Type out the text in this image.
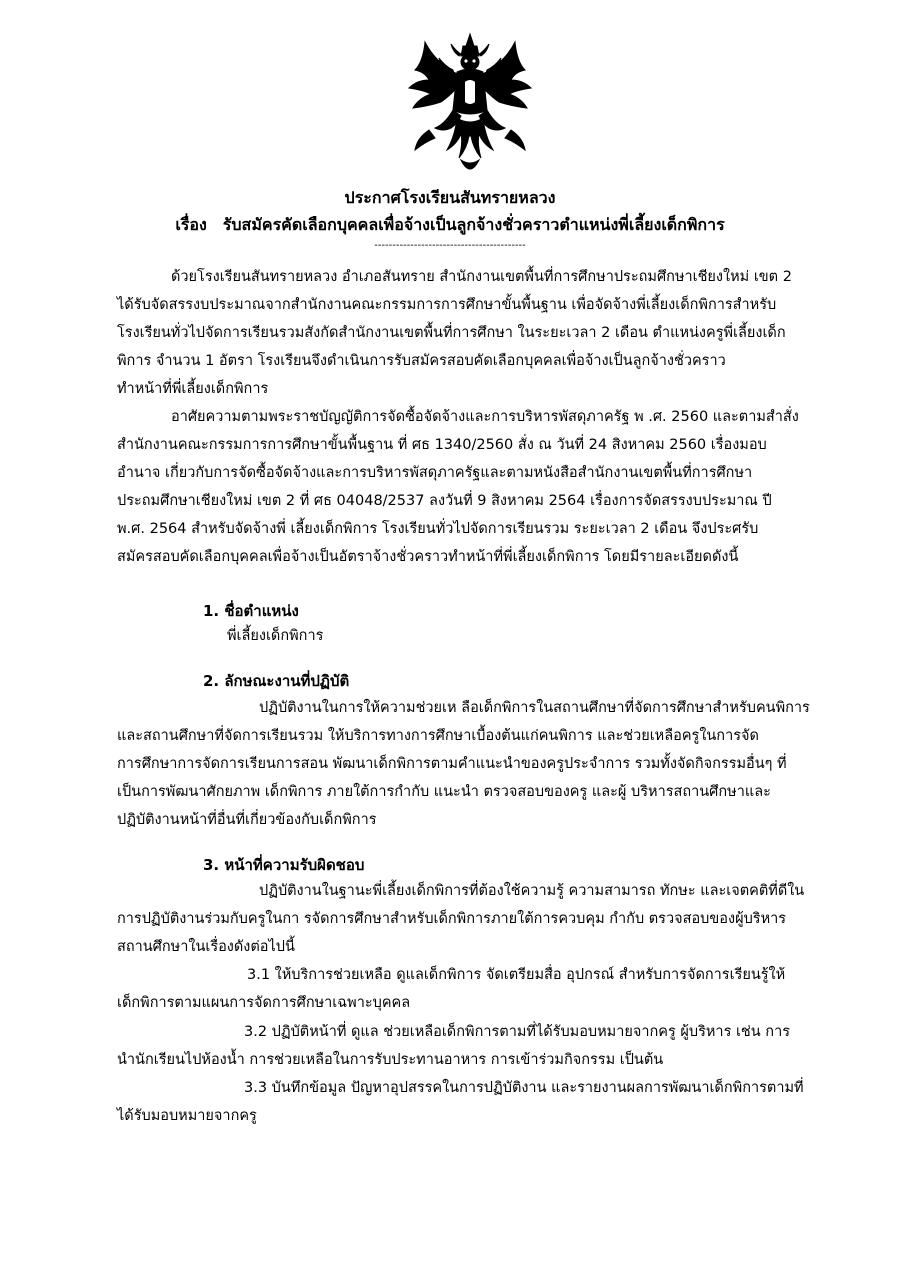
ประกาศโรงเรียนสันทรายหลวง
เรื่อง รับสมัครคัดเลือกบุคคลเพื่อจ้างเป็นลูกจ้างชั่วคราวตำแหน่งพี่เลี้ยงเด็กพิการ
------------------------------------------
ด้วยโรงเรียนสันทรายหลวง อำเภอสันทราย สำนักงานเขตพื้นที่การศึกษาประถมศึกษาเชียงใหม่ เขต 2
ได้รับจัดสรรงบประมาณจากสำนักงานคณะกรรมการการศึกษาขั้นพื้นฐาน เพื่อจัดจ้างพี่เลี้ยงเด็กพิการสำหรับ
โรงเรียนทั่วไปจัดการเรียนรวมสังกัดสำนักงานเขตพื้นที่การศึกษา ในระยะเวลา 2 เดือน ตำแหน่งครูพี่เลี้ยงเด็ก
พิการ จำนวน 1 อัตรา โรงเรียนจึงดำเนินการรับสมัครสอบคัดเลือกบุคคลเพื่อจ้างเป็นลูกจ้างชั่วคราว
ทำหน้าที่พี่เลี้ยงเด็กพิการ
อาศัยความตามพระราชบัญญัติการจัดซื้อจัดจ้างและการบริหารพัสดุภาครัฐ พ .ศ. 2560 และตามสำสั่ง
สำนักงานคณะกรรมการการศึกษาขั้นพื้นฐาน ที่ ศธ 1340/2560 สั่ง ณ วันที่ 24 สิงหาคม 2560 เรื่องมอบ
อำนาจ เกี่ยวกับการจัดซื้อจัดจ้างและการบริหารพัสดุภาครัฐและตามหนังสือสำนักงานเขตพื้นที่การศึกษา
ประถมศึกษาเชียงใหม่ เขต 2 ที่ ศธ 04048/2537 ลงวันที่ 9 สิงหาคม 2564 เรื่องการจัดสรรงบประมาณ ปี
พ.ศ. 2564 สำหรับจัดจ้างพี่ เลี้ยงเด็กพิการ โรงเรียนทั่วไปจัดการเรียนรวม ระยะเวลา 2 เดือน จึงประศรับ
สมัครสอบคัดเลือกบุคคลเพื่อจ้างเป็นอัตราจ้างชั่วคราวทำหน้าที่พี่เลี้ยงเด็กพิการ โดยมีรายละเอียดดังนี้
1. ชื่อตำแหน่ง
พี่เลี้ยงเด็กพิการ
2. ลักษณะงานที่ปฏิบัติ
ปฏิบัติงานในการให้ความช่วยเห ลือเด็กพิการในสถานศึกษาที่จัดการศึกษาสำหรับคนพิการ
และสถานศึกษาที่จัดการเรียนรวม ให้บริการทางการศึกษาเบื้องต้นแก่คนพิการ และช่วยเหลือครูในการจัด
การศึกษาการจัดการเรียนการสอน พัฒนาเด็กพิการตามคำแนะนำของครูประจำการ รวมทั้งจัดกิจกรรมอื่นๆ ที่
เป็นการพัฒนาศักยภาพ เด็กพิการ ภายใต้การกำกับ แนะนำ ตรวจสอบของครู และผู้ บริหารสถานศึกษาและ
ปฏิบัติงานหน้าที่อื่นที่เกี่ยวข้องกับเด็กพิการ
3. หน้าที่ความรับผิดชอบ
ปฏิบัติงานในฐานะพี่เลี้ยงเด็กพิการที่ต้องใช้ความรู้ ความสามารถ ทักษะ และเจตคติที่ดีใน
การปฏิบัติงานร่วมกับครูในกา รจัดการศึกษาสำหรับเด็กพิการภายใต้การควบคุม กำกับ ตรวจสอบของผู้บริหาร
สถานศึกษาในเรื่องดังต่อไปนี้
3.1 ให้บริการช่วยเหลือ ดูแลเด็กพิการ จัดเตรียมสื่อ อุปกรณ์ สำหรับการจัดการเรียนรู้ให้
เด็กพิการตามแผนการจัดการศึกษาเฉพาะบุคคล
3.2 ปฏิบัติหน้าที่ ดูแล ช่วยเหลือเด็กพิการตามที่ได้รับมอบหมายจากครู ผู้บริหาร เช่น การ
นำนักเรียนไปห้องน้ำ การช่วยเหลือในการรับประทานอาหาร การเข้าร่วมกิจกรรม เป็นต้น
3.3 บันทึกข้อมูล ปัญหาอุปสรรคในการปฏิบัติงาน และรายงานผลการพัฒนาเด็กพิการตามที่
ได้รับมอบหมายจากครู
